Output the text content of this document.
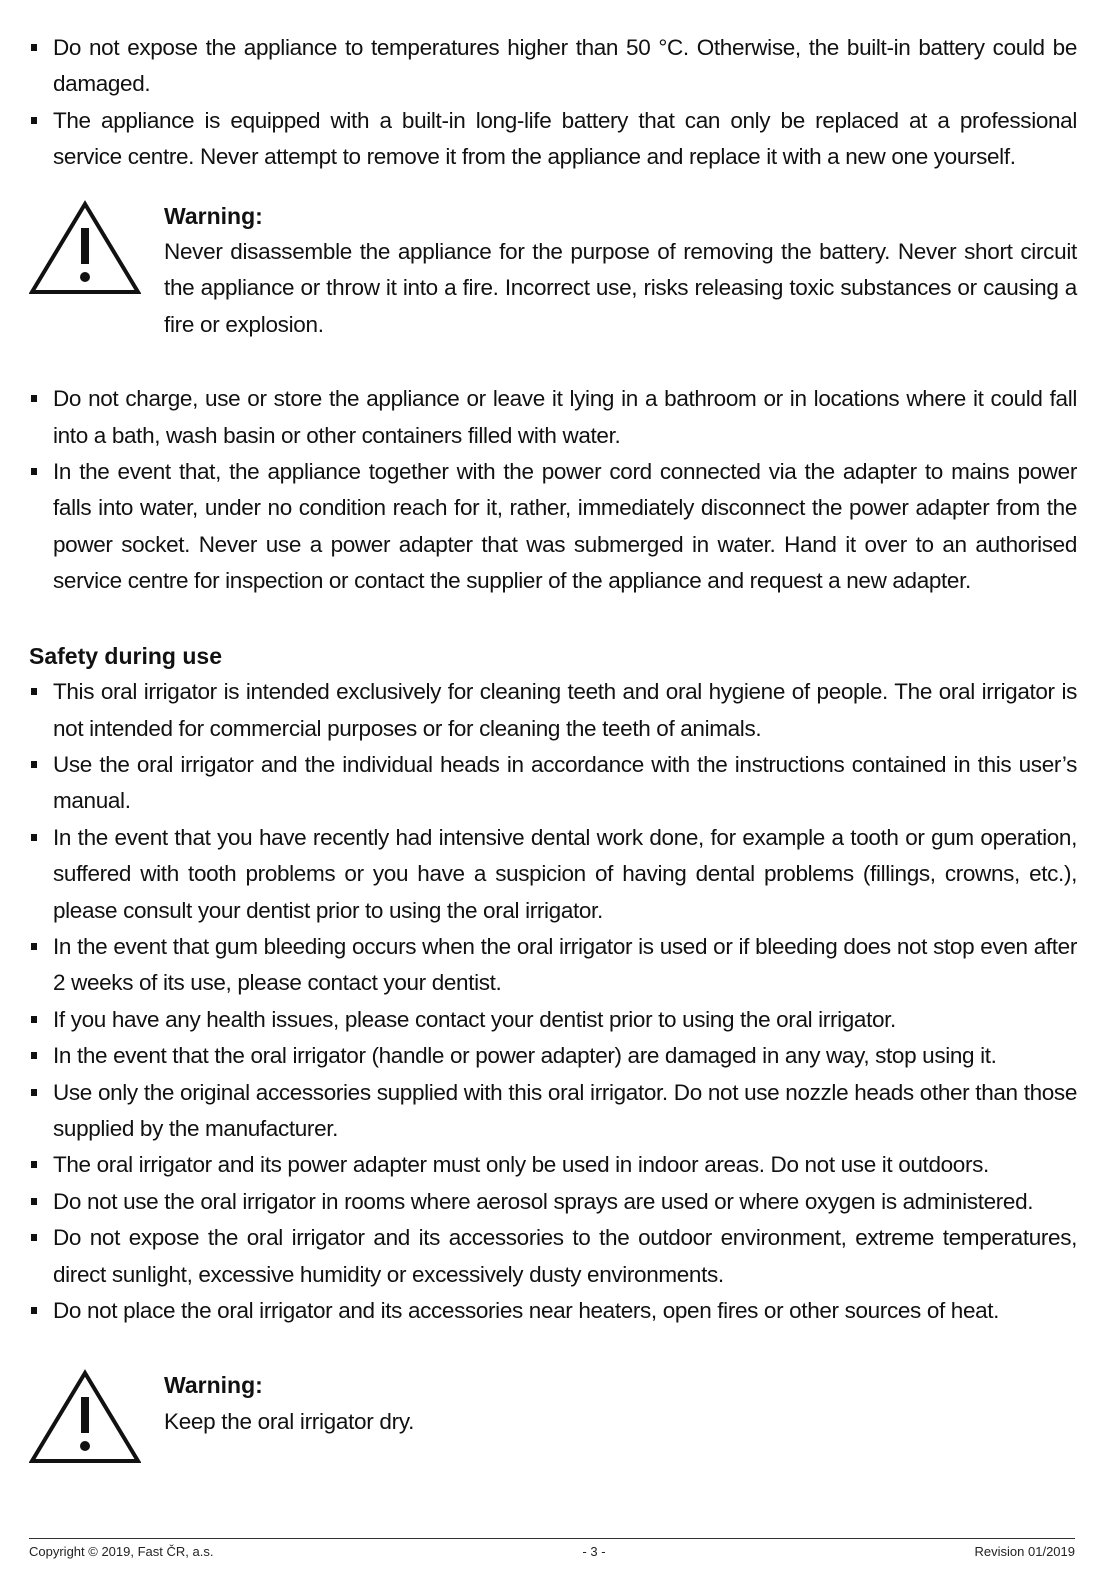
Do not expose the appliance to temperatures higher than 50 °C. Otherwise, the built-in battery could be damaged.
The appliance is equipped with a built-in long-life battery that can only be replaced at a professional service centre. Never attempt to remove it from the appliance and replace it with a new one yourself.
Warning:
Never disassemble the appliance for the purpose of removing the battery. Never short circuit the appliance or throw it into a fire. Incorrect use, risks releasing toxic substances or causing a fire or explosion.
Do not charge, use or store the appliance or leave it lying in a bathroom or in locations where it could fall into a bath, wash basin or other containers filled with water.
In the event that, the appliance together with the power cord connected via the adapter to mains power falls into water, under no condition reach for it, rather, immediately disconnect the power adapter from the power socket. Never use a power adapter that was submerged in water. Hand it over to an authorised service centre for inspection or contact the supplier of the appliance and request a new adapter.
Safety during use
This oral irrigator is intended exclusively for cleaning teeth and oral hygiene of people. The oral irrigator is not intended for commercial purposes or for cleaning the teeth of animals.
Use the oral irrigator and the individual heads in accordance with the instructions contained in this user’s manual.
In the event that you have recently had intensive dental work done, for example a tooth or gum operation, suffered with tooth problems or you have a suspicion of having dental problems (fillings, crowns, etc.), please consult your dentist prior to using the oral irrigator.
In the event that gum bleeding occurs when the oral irrigator is used or if bleeding does not stop even after 2 weeks of its use, please contact your dentist.
If you have any health issues, please contact your dentist prior to using the oral irrigator.
In the event that the oral irrigator (handle or power adapter) are damaged in any way, stop using it.
Use only the original accessories supplied with this oral irrigator. Do not use nozzle heads other than those supplied by the manufacturer.
The oral irrigator and its power adapter must only be used in indoor areas. Do not use it outdoors.
Do not use the oral irrigator in rooms where aerosol sprays are used or where oxygen is administered.
Do not expose the oral irrigator and its accessories to the outdoor environment, extreme temperatures, direct sunlight, excessive humidity or excessively dusty environments.
Do not place the oral irrigator and its accessories near heaters, open fires or other sources of heat.
Warning:
Keep the oral irrigator dry.
Copyright © 2019, Fast ČR, a.s.	- 3 -	Revision 01/2019
